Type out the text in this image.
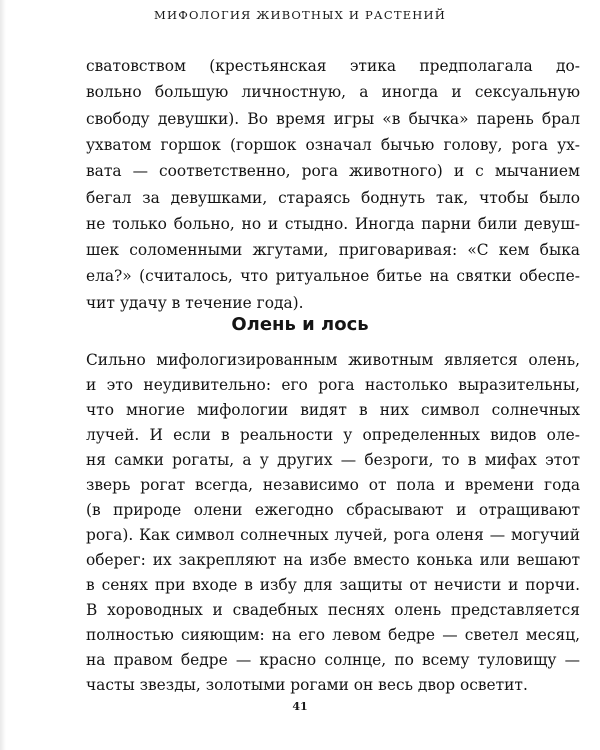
МИФОЛОГИЯ ЖИВОТНЫХ И РАСТЕНИЙ
сватовством (крестьянская этика предполагала до-
вольно большую личностную, а иногда и сексуальную
свободу девушки). Во время игры «в бычка» парень брал
ухватом горшок (горшок означал бычью голову, рога ух-
вата — соответственно, рога животного) и с мычанием
бегал за девушками, стараясь боднуть так, чтобы было
не только больно, но и стыдно. Иногда парни били девуш-
шек соломенными жгутами, приговаривая: «С кем быка
ела?» (считалось, что ритуальное битье на святки обеспе-
чит удачу в течение года).
Олень и лось
Сильно мифологизированным животным является олень,
и это неудивительно: его рога настолько выразительны,
что многие мифологии видят в них символ солнечных
лучей. И если в реальности у определенных видов оле-
ня самки рогаты, а у других — безроги, то в мифах этот
зверь рогат всегда, независимо от пола и времени года
(в природе олени ежегодно сбрасывают и отращивают
рога). Как символ солнечных лучей, рога оленя — могучий
оберег: их закрепляют на избе вместо конька или вешают
в сенях при входе в избу для защиты от нечисти и порчи.
В хороводных и свадебных песнях олень представляется
полностью сияющим: на его левом бедре — светел месяц,
на правом бедре — красно солнце, по всему туловищу —
часты звезды, золотыми рогами он весь двор осветит.
41
